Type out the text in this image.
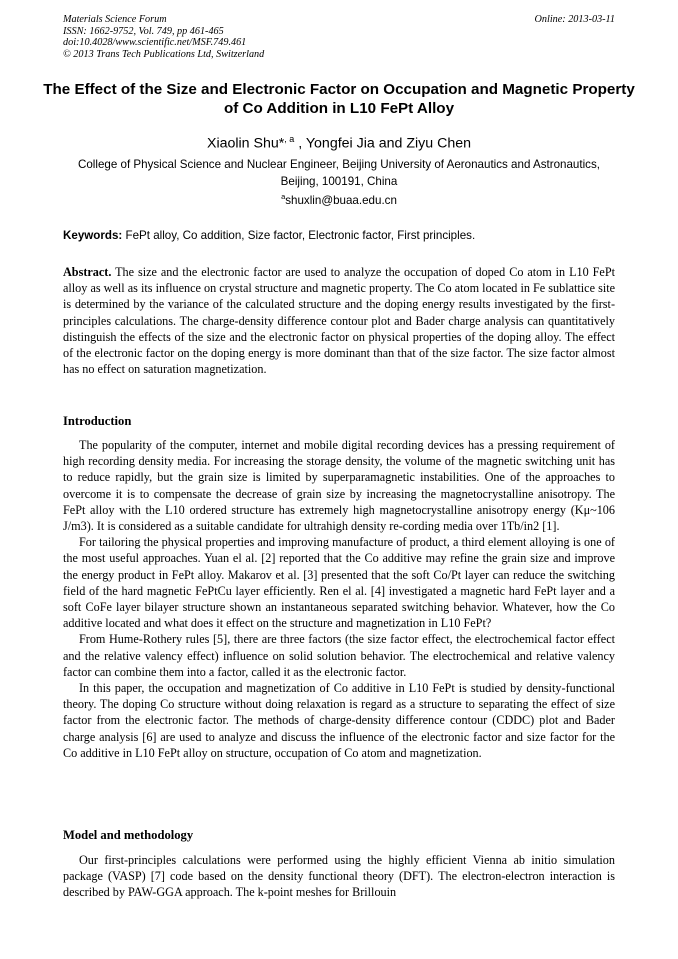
Materials Science Forum
ISSN: 1662-9752, Vol. 749, pp 461-465
doi:10.4028/www.scientific.net/MSF.749.461
© 2013 Trans Tech Publications Ltd, Switzerland
Online: 2013-03-11
The Effect of the Size and Electronic Factor on Occupation and Magnetic Property of Co Addition in L10 FePt Alloy
Xiaolin Shu*$^{, a}$ , Yongfei Jia and Ziyu Chen
College of Physical Science and Nuclear Engineer, Beijing University of Aeronautics and Astronautics, Beijing, 100191, China
$^a$shuxlin@buaa.edu.cn
Keywords: FePt alloy, Co addition, Size factor, Electronic factor, First principles.
Abstract. The size and the electronic factor are used to analyze the occupation of doped Co atom in L10 FePt alloy as well as its influence on crystal structure and magnetic property. The Co atom located in Fe sublattice site is determined by the variance of the calculated structure and the doping energy results investigated by the first-principles calculations. The charge-density difference contour plot and Bader charge analysis can quantitatively distinguish the effects of the size and the electronic factor on physical properties of the doping alloy. The effect of the electronic factor on the doping energy is more dominant than that of the size factor. The size factor almost has no effect on saturation magnetization.
Introduction

The popularity of the computer, internet and mobile digital recording devices has a pressing requirement of high recording density media. For increasing the storage density, the volume of the magnetic switching unit has to reduce rapidly, but the grain size is limited by superparamagnetic instabilities. One of the approaches to overcome it is to compensate the decrease of grain size by increasing the magnetocrystalline anisotropy. The FePt alloy with the L10 ordered structure has extremely high magnetocrystalline anisotropy energy (Kμ~106 J/m3). It is considered as a suitable candidate for ultrahigh density re-cording media over 1Tb/in2 [1].

For tailoring the physical properties and improving manufacture of product, a third element alloying is one of the most useful approaches. Yuan el al. [2] reported that the Co additive may refine the grain size and improve the energy product in FePt alloy. Makarov et al. [3] presented that the soft Co/Pt layer can reduce the switching field of the hard magnetic FePtCu layer efficiently. Ren el al. [4] investigated a magnetic hard FePt layer and a soft CoFe layer bilayer structure shown an instantaneous separated switching behavior. Whatever, how the Co additive located and what does it effect on the structure and magnetization in L10 FePt?

From Hume-Rothery rules [5], there are three factors (the size factor effect, the electrochemical factor effect and the relative valency effect) influence on solid solution behavior. The electrochemical and relative valency factor can combine them into a factor, called it as the electronic factor.

In this paper, the occupation and magnetization of Co additive in L10 FePt is studied by density-functional theory. The doping Co structure without doing relaxation is regard as a structure to separating the effect of size factor from the electronic factor. The methods of charge-density difference contour (CDDC) plot and Bader charge analysis [6] are used to analyze and discuss the influence of the electronic factor and size factor for the Co additive in L10 FePt alloy on structure, occupation of Co atom and magnetization.

Model and methodology

Our first-principles calculations were performed using the highly efficient Vienna ab initio simulation package (VASP) [7] code based on the density functional theory (DFT). The electron-electron interaction is described by PAW-GGA approach. The k-point meshes for Brillouin
